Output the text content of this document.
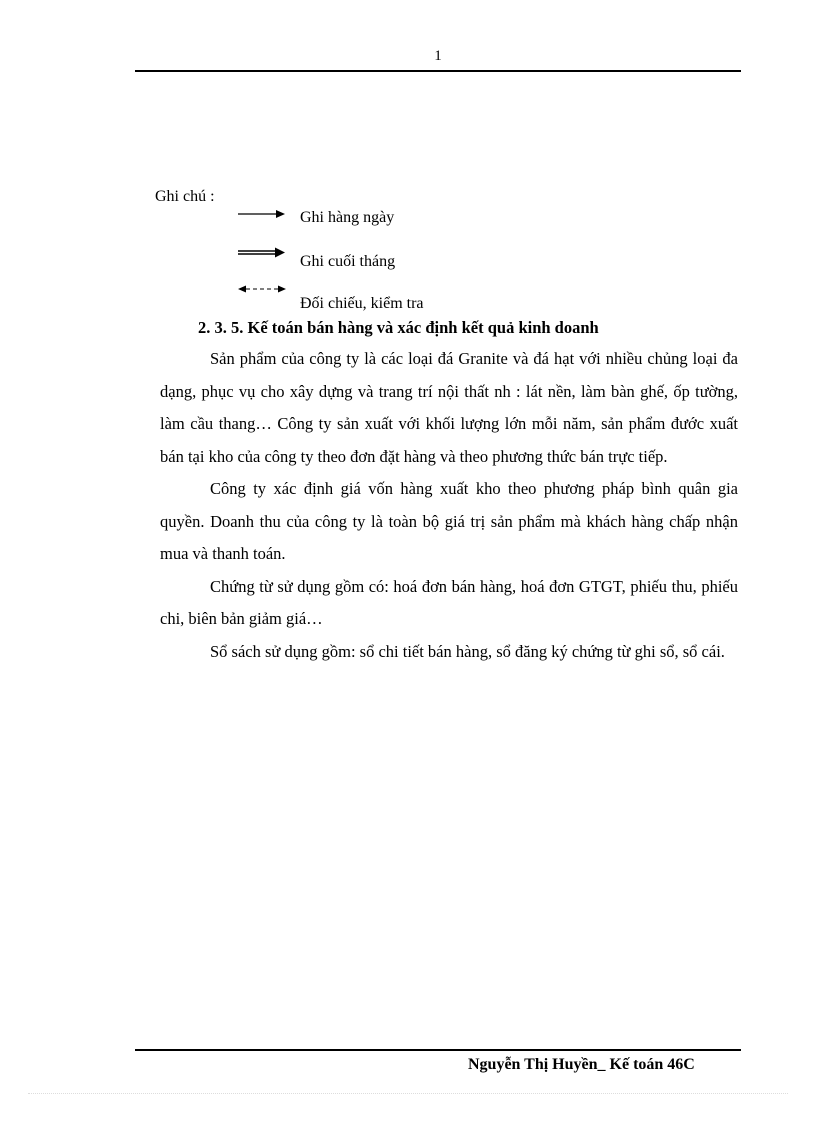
1
Ghi chú :
Ghi hàng ngày
Ghi cuối tháng
Đối chiếu, kiểm tra
2. 3. 5. Kế toán bán hàng và xác định kết quả kinh doanh

Sản phẩm của công ty là các loại đá Granite và đá hạt với nhiều chủng loại đa dạng, phục vụ cho xây dựng và trang trí nội thất nh : lát nền, làm bàn ghế, ốp tường, làm cầu thang… Công ty sản xuất với khối lượng lớn mỗi năm, sản phẩm đước xuất bán tại kho của công ty theo đơn đặt hàng và theo phương thức bán trực tiếp.

Công ty xác định giá vốn hàng xuất kho theo phương pháp bình quân gia quyền. Doanh thu của công ty là toàn bộ giá trị sản phẩm mà khách hàng chấp nhận mua và thanh toán.

Chứng từ sử dụng gồm có: hoá đơn bán hàng, hoá đơn GTGT, phiếu thu, phiếu chi, biên bản giảm giá…

Sổ sách sử dụng gồm: sổ chi tiết bán hàng, sổ đăng ký chứng từ ghi sổ, sổ cái.

Nguyễn Thị Huyền_ Kế toán 46C
